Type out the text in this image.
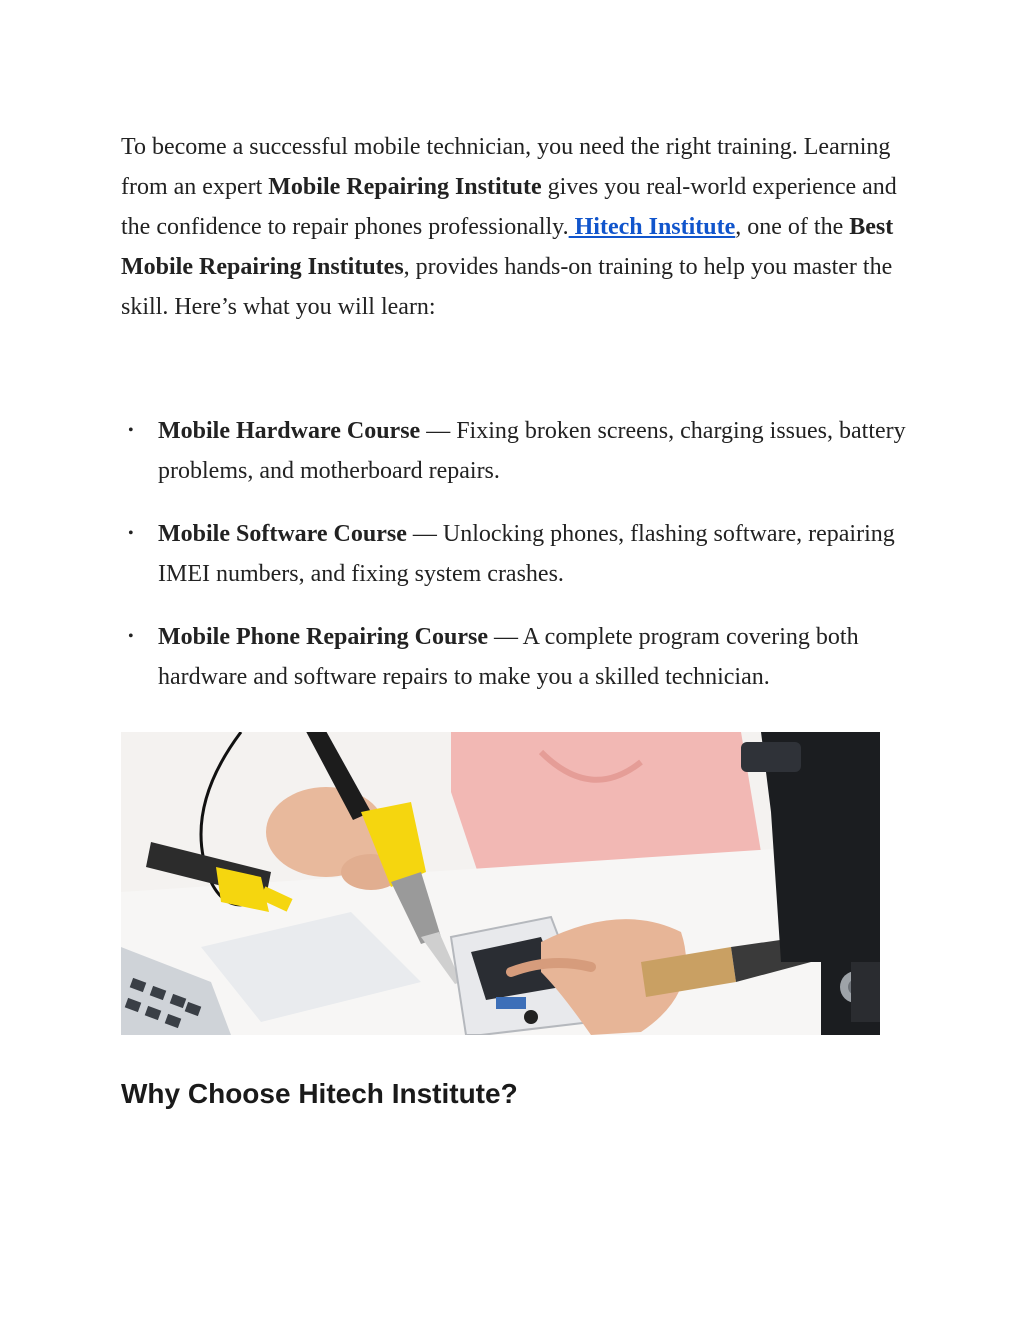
To become a successful mobile technician, you need the right training. Learning from an expert Mobile Repairing Institute gives you real-world experience and the confidence to repair phones professionally. Hitech Institute, one of the Best Mobile Repairing Institutes, provides hands-on training to help you master the skill. Here’s what you will learn:

• Mobile Hardware Course — Fixing broken screens, charging issues, battery problems, and motherboard repairs.
• Mobile Software Course — Unlocking phones, flashing software, repairing IMEI numbers, and fixing system crashes.
• Mobile Phone Repairing Course — A complete program covering both hardware and software repairs to make you a skilled technician.
Why Choose Hitech Institute?
